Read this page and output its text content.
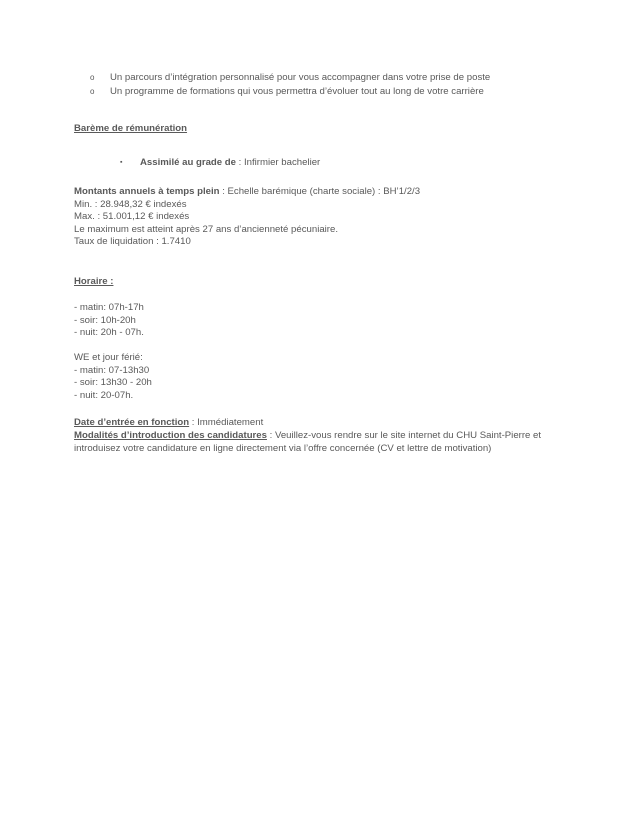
o Un parcours d’intégration personnalisé pour vous accompagner dans votre prise de poste
o Un programme de formations qui vous permettra d’évoluer tout au long de votre carrière
Barème de rémunération
▪ Assimilé au grade de : Infirmier bachelier
Montants annuels à temps plein : Echelle barémique (charte sociale) : BH’1/2/3
Min. : 28.948,32 € indexés
Max. : 51.001,12 € indexés
Le maximum est atteint après 27 ans d’ancienneté pécuniaire.
Taux de liquidation : 1.7410
Horaire :
- matin: 07h-17h
- soir: 10h-20h
- nuit: 20h - 07h.
WE et jour férié:
- matin: 07-13h30
- soir: 13h30 - 20h
- nuit: 20-07h.
Date d’entrée en fonction : Immédiatement
Modalités d’introduction des candidatures : Veuillez-vous rendre sur le site internet du CHU Saint-Pierre et introduisez votre candidature en ligne directement via l’offre concernée (CV et lettre de motivation)
